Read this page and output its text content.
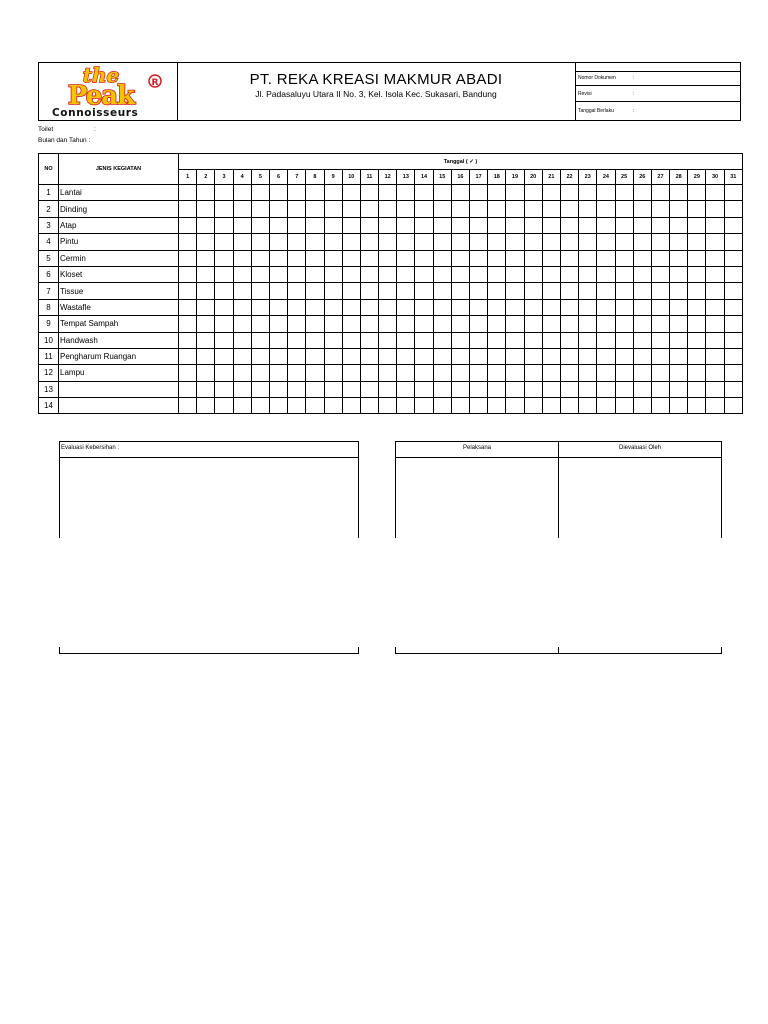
the
Peak R
Connoisseurs
PT. REKA KREASI MAKMUR ABADI
Jl. Padasaluyu Utara II No. 3, Kel. Isola Kec. Sukasari, Bandung
Nomor Dokumen	:
Revisi	:
Tanggal Berlaku	:
Toilet	:
Bulan dan Tahun :
NO	JENIS KEGIATAN	Tanggal ( ✓ )																														
		1	2	3	4	5	6	7	8	9	10	11	12	13	14	15	16	17	18	19	20	21	22	23	24	25	26	27	28	29	30	31
1	Lantai																															
2	Dinding																															
3	Atap																															
4	Pintu																															
5	Cermin																															
6	Kloset																															
7	Tissue																															
8	Wastafle																															
9	Tempat Sampah																															
10	Handwash																															
11	Pengharum Ruangan																															
12	Lampu																															
13																																
14																																
Evaluasi Kebersihan :	Pelaksana	Dievaluasi Oleh
